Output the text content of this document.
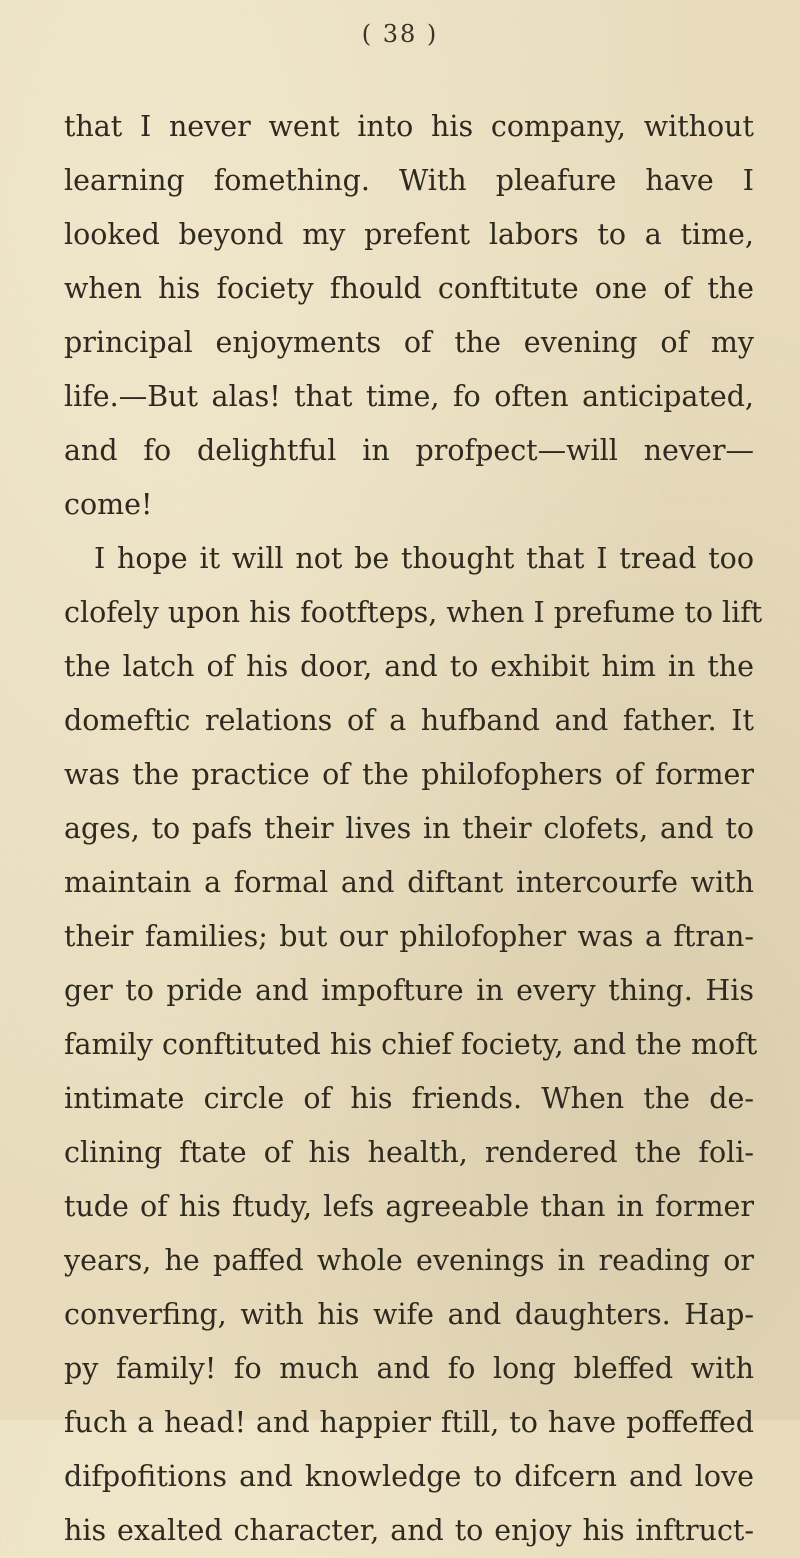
( 38 )
that I never went into his company, without
learning fomething. With pleafure have I
looked beyond my prefent labors to a time,
when his fociety fhould conftitute one of the
principal enjoyments of the evening of my
life.—But alas! that time, fo often anticipated,
and fo delightful in profpect—will never—
come!
I hope it will not be thought that I tread too
clofely upon his footfteps, when I prefume to lift
the latch of his door, and to exhibit him in the
domeftic relations of a hufband and father. It
was the practice of the philofophers of former
ages, to pafs their lives in their clofets, and to
maintain a formal and diftant intercourfe with
their families; but our philofopher was a ftran-
ger to pride and impofture in every thing. His
family conftituted his chief fociety, and the moft
intimate circle of his friends. When the de-
clining ftate of his health, rendered the foli-
tude of his ftudy, lefs agreeable than in former
years, he paffed whole evenings in reading or
converfing, with his wife and daughters. Hap-
py family! fo much and fo long bleffed with
fuch a head! and happier ftill, to have poffeffed
difpofitions and knowledge to difcern and love
his exalted character, and to enjoy his inftruct-
